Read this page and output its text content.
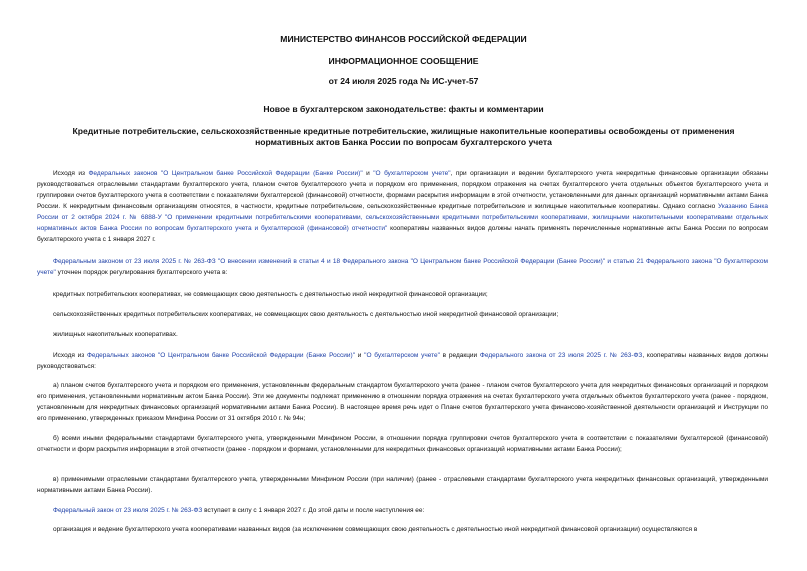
МИНИСТЕРСТВО ФИНАНСОВ РОССИЙСКОЙ ФЕДЕРАЦИИ
ИНФОРМАЦИОННОЕ СООБЩЕНИЕ
от 24 июля 2025 года № ИС-учет-57
Новое в бухгалтерском законодательстве: факты и комментарии
Кредитные потребительские, сельскохозяйственные кредитные потребительские, жилищные накопительные кооперативы освобождены от применения
нормативных актов Банка России по вопросам бухгалтерского учета

Исходя из Федеральных законов "О Центральном банке Российской Федерации (Банке России)" и "О бухгалтерском учете", при организации и ведении бухгалтерского учета некредитные финансовые организации обязаны руководствоваться отраслевыми стандартами бухгалтерского учета, планом счетов бухгалтерского учета и порядком его применения, порядком отражения на счетах бухгалтерского учета отдельных объектов бухгалтерского учета и группировки счетов бухгалтерского учета в соответствии с показателями бухгалтерской (финансовой) отчетности, формами раскрытия информации в этой отчетности, установленными для данных организаций нормативными актами Банка России. К некредитным финансовым организациям относятся, в частности, кредитные потребительские, сельскохозяйственные кредитные потребительские и жилищные накопительные кооперативы. Однако согласно Указанию Банка России от 2 октября 2024 г. № 6888-У "О применении кредитными потребительскими кооперативами, сельскохозяйственными кредитными потребительскими кооперативами, жилищными накопительными кооперативами отдельных нормативных актов Банка России по вопросам бухгалтерского учета и бухгалтерской (финансовой) отчетности" кооперативы названных видов должны начать применять перечисленные нормативные акты Банка России по вопросам бухгалтерского учета с 1 января 2027 г.

Федеральным законом от 23 июля 2025 г. № 263-ФЗ "О внесении изменений в статьи 4 и 18 Федерального закона "О Центральном банке Российской Федерации (Банке России)" и статью 21 Федерального закона "О бухгалтерском учете" уточнен порядок регулирования бухгалтерского учета в:

кредитных потребительских кооперативах, не совмещающих свою деятельность с деятельностью иной некредитной финансовой организации;

сельскохозяйственных кредитных потребительских кооперативах, не совмещающих свою деятельность с деятельностью иной некредитной финансовой организации;

жилищных накопительных кооперативах.

Исходя из Федеральных законов "О Центральном банке Российской Федерации (Банке России)" и "О бухгалтерском учете" в редакции Федерального закона от 23 июля 2025 г. № 263-ФЗ, кооперативы названных видов должны руководствоваться:

а) планом счетов бухгалтерского учета и порядком его применения, установленным федеральным стандартом бухгалтерского учета (ранее - планом счетов бухгалтерского учета для некредитных финансовых организаций и порядком его применения, установленными нормативным актом Банка России). Эти же документы подлежат применению в отношении порядка отражения на счетах бухгалтерского учета отдельных объектов бухгалтерского учета (ранее - порядком, установленным для некредитных финансовых организаций нормативными актами Банка России). В настоящее время речь идет о Плане счетов бухгалтерского учета финансово-хозяйственной деятельности организаций и Инструкции по его применению, утвержденных приказом Минфина России от 31 октября 2010 г. № 94н;

б) всеми иными федеральными стандартами бухгалтерского учета, утвержденными Минфином России, в отношении порядка группировки счетов бухгалтерского учета в соответствии с показателями бухгалтерской (финансовой) отчетности и форм раскрытия информации в этой отчетности (ранее - порядком и формами, установленными для некредитных финансовых организаций нормативными актами Банка России);

в) применимыми отраслевыми стандартами бухгалтерского учета, утвержденными Минфином России (при наличии) (ранее - отраслевыми стандартами бухгалтерского учета некредитных финансовых организаций, утвержденными нормативными актами Банка России).

Федеральный закон от 23 июля 2025 г. № 263-ФЗ вступает в силу с 1 января 2027 г. До этой даты и после наступления ее:

организация и ведение бухгалтерского учета кооперативами названных видов (за исключением совмещающих свою деятельность с деятельностью иной некредитной финансовой организации) осуществляются в
